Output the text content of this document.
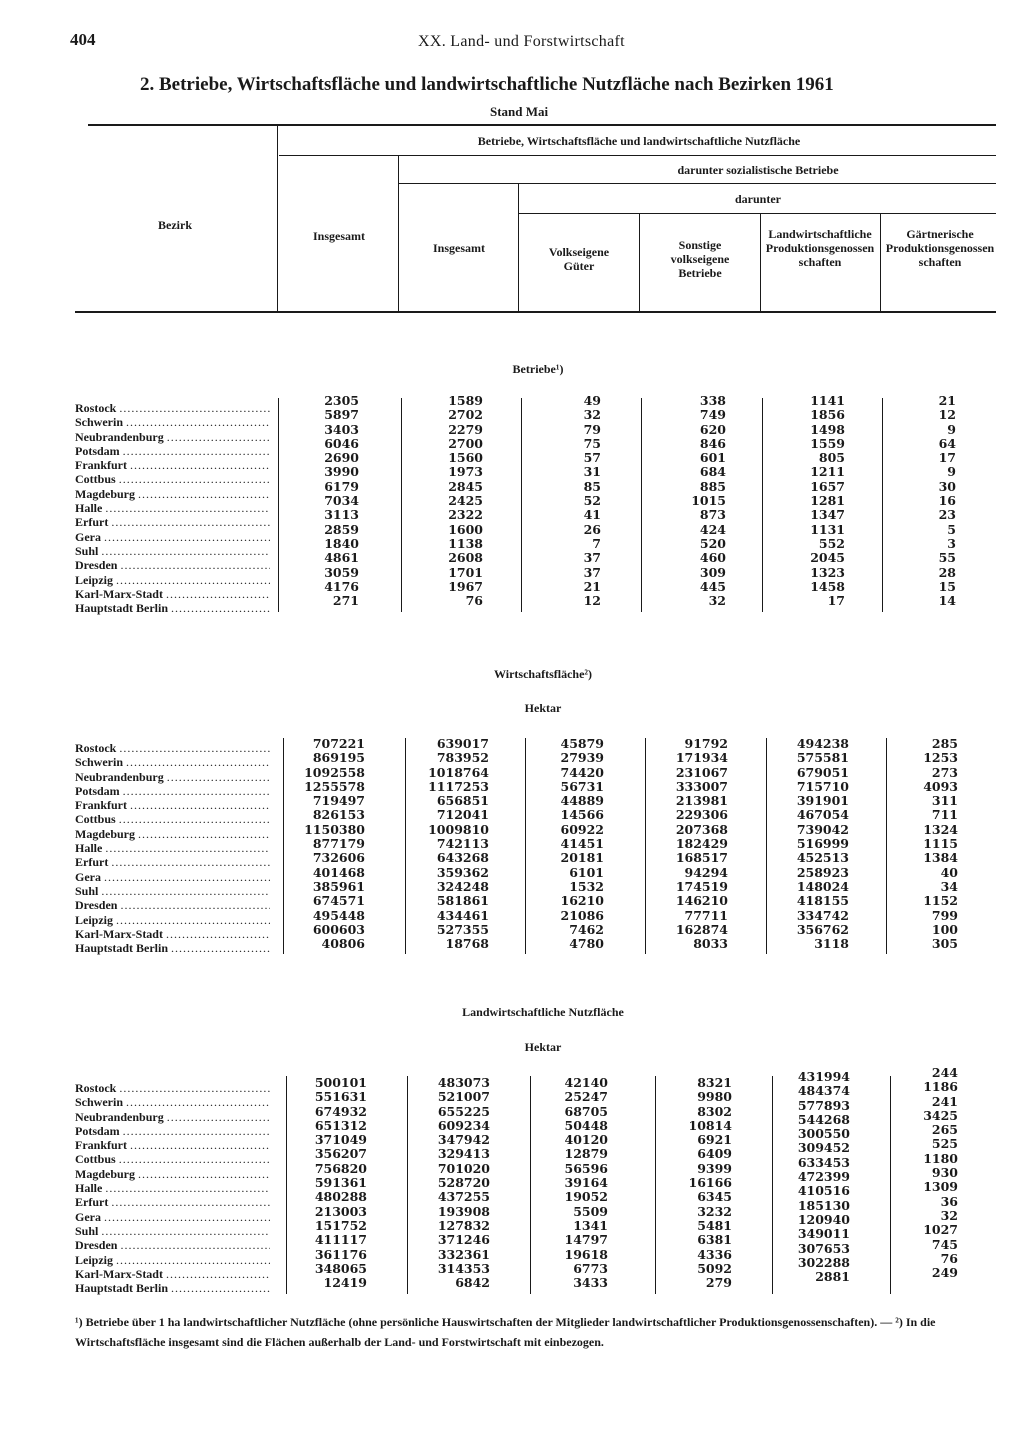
404	XX. Land- und Forstwirtschaft
2. Betriebe, Wirtschaftsfläche und landwirtschaftliche Nutzfläche nach Bezirken 1961
Stand Mai
Bezirk
Betriebe, Wirtschaftsfläche und landwirtschaftliche Nutzfläche
Insgesamt
darunter sozialistische Betriebe
Insgesamt
darunter
Volkseigene Güter
Sonstige volkseigene Betriebe
Landwirtschaftliche Produktionsgenossenschaften
Gärtnerische Produktionsgenossenschaften
Betriebe¹)
Rostock
.....
Schwerin
.....
Neubrandenburg
.....
Potsdam
.....
Frankfurt
.....
Cottbus
.....
Magdeburg
.....
Halle
.....
Erfurt
.....
Gera
.....
Suhl
.....
Dresden
.....
Leipzig
.....
Karl-Marx-Stadt
.....
Hauptstadt Berlin
.....
2305
5897
3403
6046
2690
3990
6179
7034
3113
2859
1840
4861
3059
4176
271
1589
2702
2279
2700
1560
1973
2845
2425
2322
1600
1138
2608
1701
1967
76
49
32
79
75
57
31
85
52
41
26
7
37
37
21
12
338
749
620
846
601
684
885
1015
873
424
520
460
309
445
32
1141
1856
1498
1559
805
1211
1657
1281
1347
1131
552
2045
1323
1458
17
21
12
9
64
17
9
30
16
23
5
3
55
28
15
14
Wirtschaftsfläche²)
Hektar
Rostock
.....
Schwerin
.....
Neubrandenburg
.....
Potsdam
.....
Frankfurt
.....
Cottbus
.....
Magdeburg
.....
Halle
.....
Erfurt
.....
Gera
.....
Suhl
.....
Dresden
.....
Leipzig
.....
Karl-Marx-Stadt
.....
Hauptstadt Berlin
.....
707221
869195
1092558
1255578
719497
826153
1150380
877179
732606
401468
385961
674571
495448
600603
40806
639017
783952
1018764
1117253
656851
712041
1009810
742113
643268
359362
324248
581861
434461
527355
18768
45879
27939
74420
56731
44889
14566
60922
41451
20181
6101
1532
16210
21086
7462
4780
91792
171934
231067
333007
213981
229306
207368
182429
168517
94294
174519
146210
77711
162874
8033
494238
575581
679051
715710
391901
467054
739042
516999
452513
258923
148024
418155
334742
356762
3118
285
1253
273
4093
311
711
1324
1115
1384
40
34
1152
799
100
305
Landwirtschaftliche Nutzfläche
Hektar
Rostock
.....
Schwerin
.....
Neubrandenburg
.....
Potsdam
.....
Frankfurt
.....
Cottbus
.....
Magdeburg
.....
Halle
.....
Erfurt
.....
Gera
.....
Suhl
.....
Dresden
.....
Leipzig
.....
Karl-Marx-Stadt
.....
Hauptstadt Berlin
.....
500101
551631
674932
651312
371049
356207
756820
591361
480288
213003
151752
411117
361176
348065
12419
483073
521007
655225
609234
347942
329413
701020
528720
437255
193908
127832
371246
332361
314353
6842
42140
25247
68705
50448
40120
12879
56596
39164
19052
5509
1341
14797
19618
6773
3433
8321
9980
8302
10814
6921
6409
9399
16166
6345
3232
5481
6381
4336
5092
279
431994
484374
577893
544268
300550
309452
633453
472399
410516
185130
120940
349011
307653
302288
2881
244
1186
241
3425
265
525
1180
930
1309
36
32
1027
745
76
249
¹) Betriebe über 1 ha landwirtschaftlicher Nutzfläche (ohne persönliche Hauswirtschaften der Mitglieder landwirtschaftlicher Produktionsgenossenschaften). — ²) In die Wirtschaftsfläche insgesamt sind die Flächen außerhalb der Land- und Forstwirtschaft mit einbezogen.
